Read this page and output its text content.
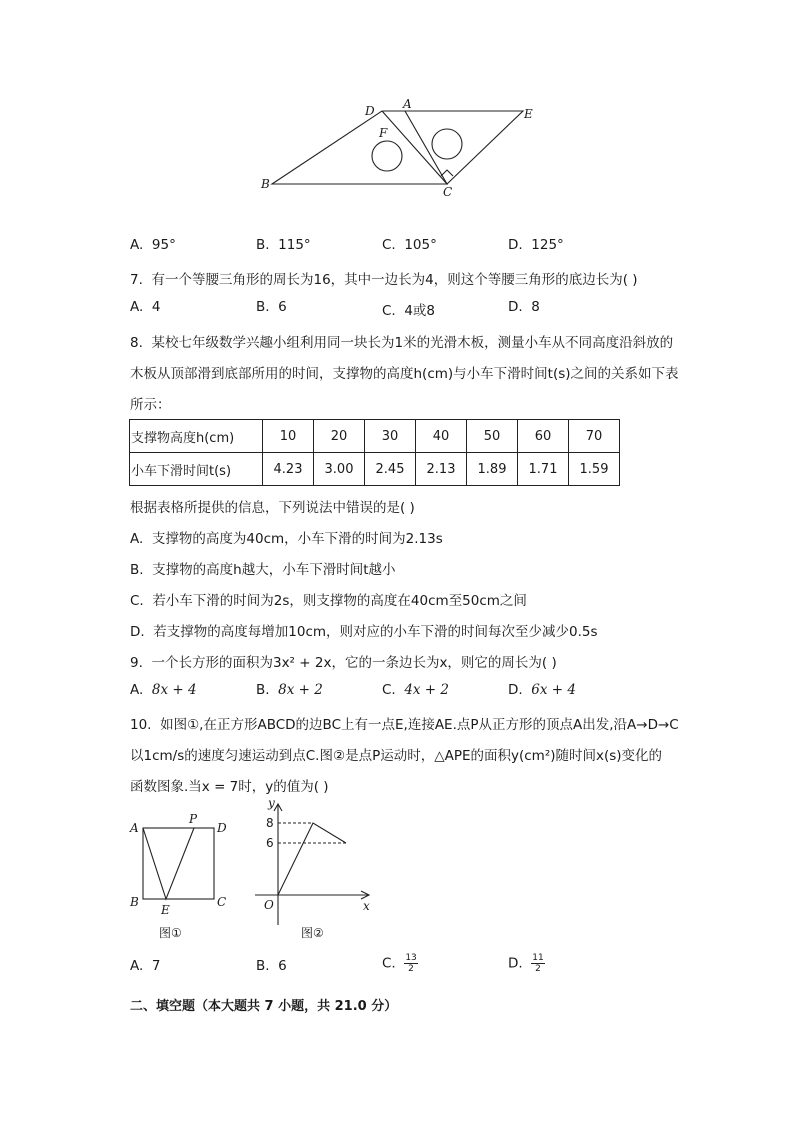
D A
E
F
B
C
A. 95°	B. 115°	C. 105°	D. 125°
7. 有一个等腰三角形的周长为16，其中一边长为4，则这个等腰三角形的底边长为( )
A. 4	B. 6	C. 4或8	D. 8
8. 某校七年级数学兴趣小组利用同一块长为1米的光滑木板，测量小车从不同高度沿斜放的
木板从顶部滑到底部所用的时间，支撑物的高度h(cm)与小车下滑时间t(s)之间的关系如下表
所示：
支撑物高度h(cm)	10	20	30	40	50	60	70
小车下滑时间t(s)	4.23	3.00	2.45	2.13	1.89	1.71	1.59
根据表格所提供的信息，下列说法中错误的是( )
A. 支撑物的高度为40cm，小车下滑的时间为2.13s
B. 支撑物的高度h越大，小车下滑时间t越小
C. 若小车下滑的时间为2s，则支撑物的高度在40cm至50cm之间
D. 若支撑物的高度每增加10cm，则对应的小车下滑的时间每次至少减少0.5s
9. 一个长方形的面积为3x² + 2x，它的一条边长为x，则它的周长为( )
A. 8x + 4	B. 8x + 2	C. 4x + 2	D. 6x + 4
10. 如图①,在正方形ABCD的边BC上有一点E,连接AE.点P从正方形的顶点A出发,沿A→D→C
以1cm/s的速度匀速运动到点C.图②是点P运动时，△APE的面积y(cm²)随时间x(s)变化的
函数图象.当x = 7时，y的值为( )
A
P
D
B
E
C
图①
y
x
O
8
6
图②
A. 7	B. 6	C. $\frac{13}{2}$	D. $\frac{11}{2}$
二、填空题（本大题共 7 小题，共 21.0 分）
